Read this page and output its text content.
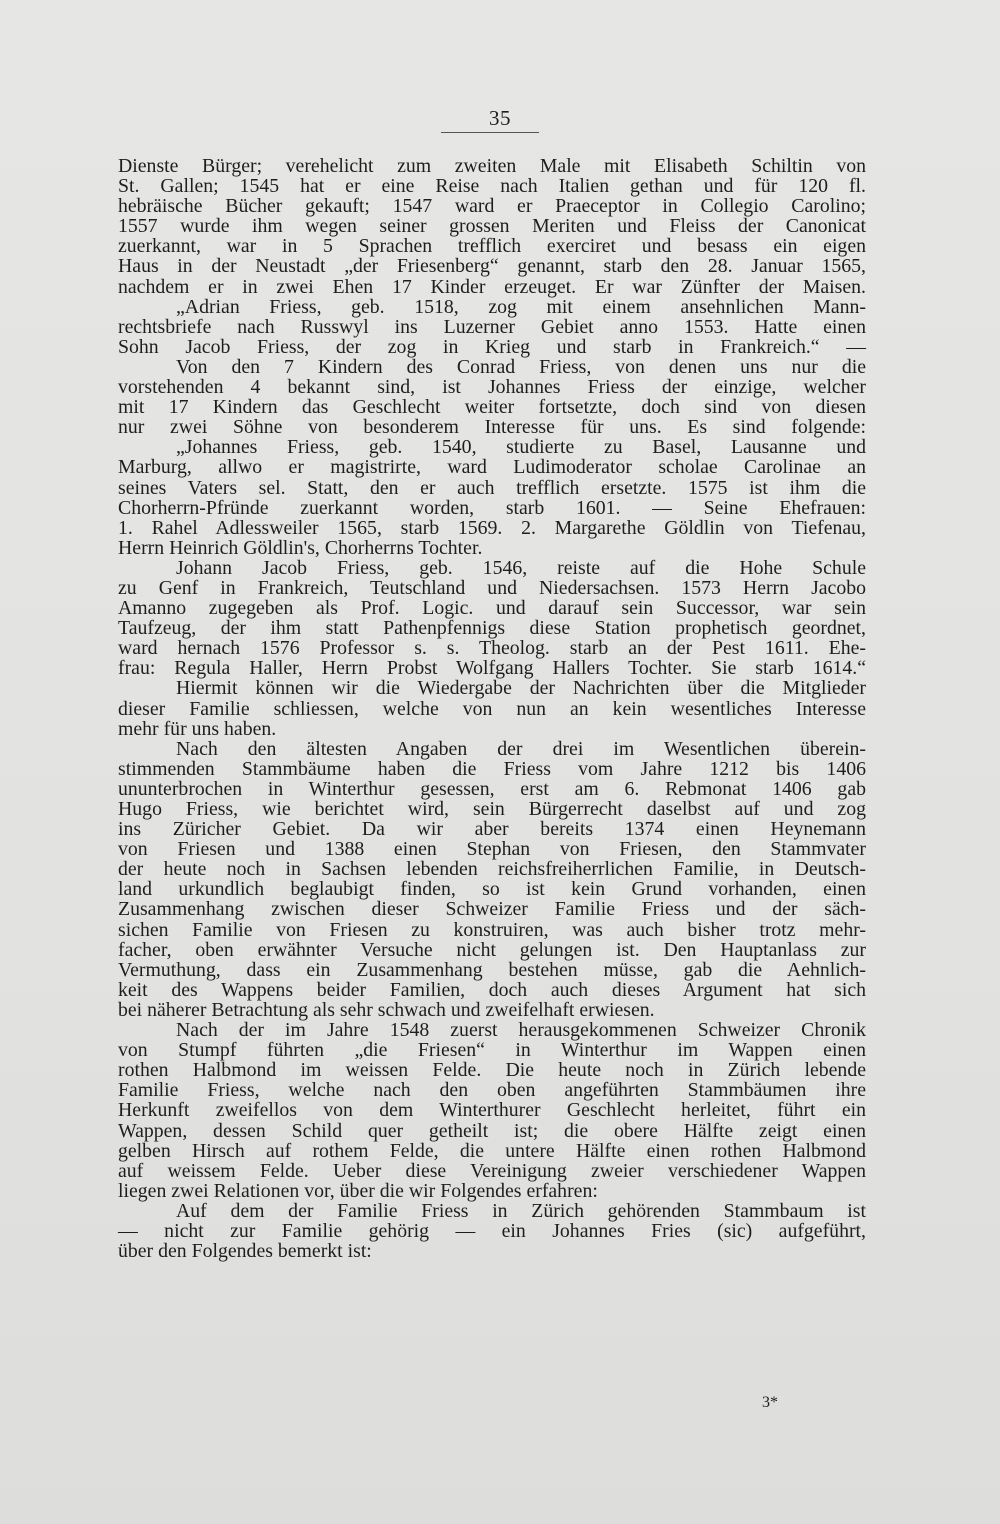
35
Dienste Bürger; verehelicht zum zweiten Male mit Elisabeth Schiltin von
St. Gallen; 1545 hat er eine Reise nach Italien gethan und für 120 fl.
hebräische Bücher gekauft; 1547 ward er Praeceptor in Collegio Carolino;
1557 wurde ihm wegen seiner grossen Meriten und Fleiss der Canonicat
zuerkannt, war in 5 Sprachen trefflich exerciret und besass ein eigen
Haus in der Neustadt „der Friesenberg“ genannt, starb den 28. Januar 1565,
nachdem er in zwei Ehen 17 Kinder erzeuget. Er war Zünfter der Maisen.
„Adrian Friess, geb. 1518, zog mit einem ansehnlichen Mann-
rechtsbriefe nach Russwyl ins Luzerner Gebiet anno 1553. Hatte einen
Sohn Jacob Friess, der zog in Krieg und starb in Frankreich.“ —
Von den 7 Kindern des Conrad Friess, von denen uns nur die
vorstehenden 4 bekannt sind, ist Johannes Friess der einzige, welcher
mit 17 Kindern das Geschlecht weiter fortsetzte, doch sind von diesen
nur zwei Söhne von besonderem Interesse für uns. Es sind folgende:
„Johannes Friess, geb. 1540, studierte zu Basel, Lausanne und
Marburg, allwo er magistrirte, ward Ludimoderator scholae Carolinae an
seines Vaters sel. Statt, den er auch trefflich ersetzte. 1575 ist ihm die
Chorherrn-Pfründe zuerkannt worden, starb 1601. — Seine Ehefrauen:
1. Rahel Adlessweiler 1565, starb 1569. 2. Margarethe Göldlin von Tiefenau,
Herrn Heinrich Göldlin's, Chorherrns Tochter.
Johann Jacob Friess, geb. 1546, reiste auf die Hohe Schule
zu Genf in Frankreich, Teutschland und Niedersachsen. 1573 Herrn Jacobo
Amanno zugegeben als Prof. Logic. und darauf sein Successor, war sein
Taufzeug, der ihm statt Pathenpfennigs diese Station prophetisch geordnet,
ward hernach 1576 Professor s. s. Theolog. starb an der Pest 1611. Ehe-
frau: Regula Haller, Herrn Probst Wolfgang Hallers Tochter. Sie starb 1614.“
Hiermit können wir die Wiedergabe der Nachrichten über die Mitglieder
dieser Familie schliessen, welche von nun an kein wesentliches Interesse
mehr für uns haben.
Nach den ältesten Angaben der drei im Wesentlichen überein-
stimmenden Stammbäume haben die Friess vom Jahre 1212 bis 1406
ununterbrochen in Winterthur gesessen, erst am 6. Rebmonat 1406 gab
Hugo Friess, wie berichtet wird, sein Bürgerrecht daselbst auf und zog
ins Züricher Gebiet. Da wir aber bereits 1374 einen Heynemann
von Friesen und 1388 einen Stephan von Friesen, den Stammvater
der heute noch in Sachsen lebenden reichsfreiherrlichen Familie, in Deutsch-
land urkundlich beglaubigt finden, so ist kein Grund vorhanden, einen
Zusammenhang zwischen dieser Schweizer Familie Friess und der säch-
sichen Familie von Friesen zu konstruiren, was auch bisher trotz mehr-
facher, oben erwähnter Versuche nicht gelungen ist. Den Hauptanlass zur
Vermuthung, dass ein Zusammenhang bestehen müsse, gab die Aehnlich-
keit des Wappens beider Familien, doch auch dieses Argument hat sich
bei näherer Betrachtung als sehr schwach und zweifelhaft erwiesen.
Nach der im Jahre 1548 zuerst herausgekommenen Schweizer Chronik
von Stumpf führten „die Friesen“ in Winterthur im Wappen einen
rothen Halbmond im weissen Felde. Die heute noch in Zürich lebende
Familie Friess, welche nach den oben angeführten Stammbäumen ihre
Herkunft zweifellos von dem Winterthurer Geschlecht herleitet, führt ein
Wappen, dessen Schild quer getheilt ist; die obere Hälfte zeigt einen
gelben Hirsch auf rothem Felde, die untere Hälfte einen rothen Halbmond
auf weissem Felde. Ueber diese Vereinigung zweier verschiedener Wappen
liegen zwei Relationen vor, über die wir Folgendes erfahren:
Auf dem der Familie Friess in Zürich gehörenden Stammbaum ist
— nicht zur Familie gehörig — ein Johannes Fries (sic) aufgeführt,
über den Folgendes bemerkt ist:
3*
